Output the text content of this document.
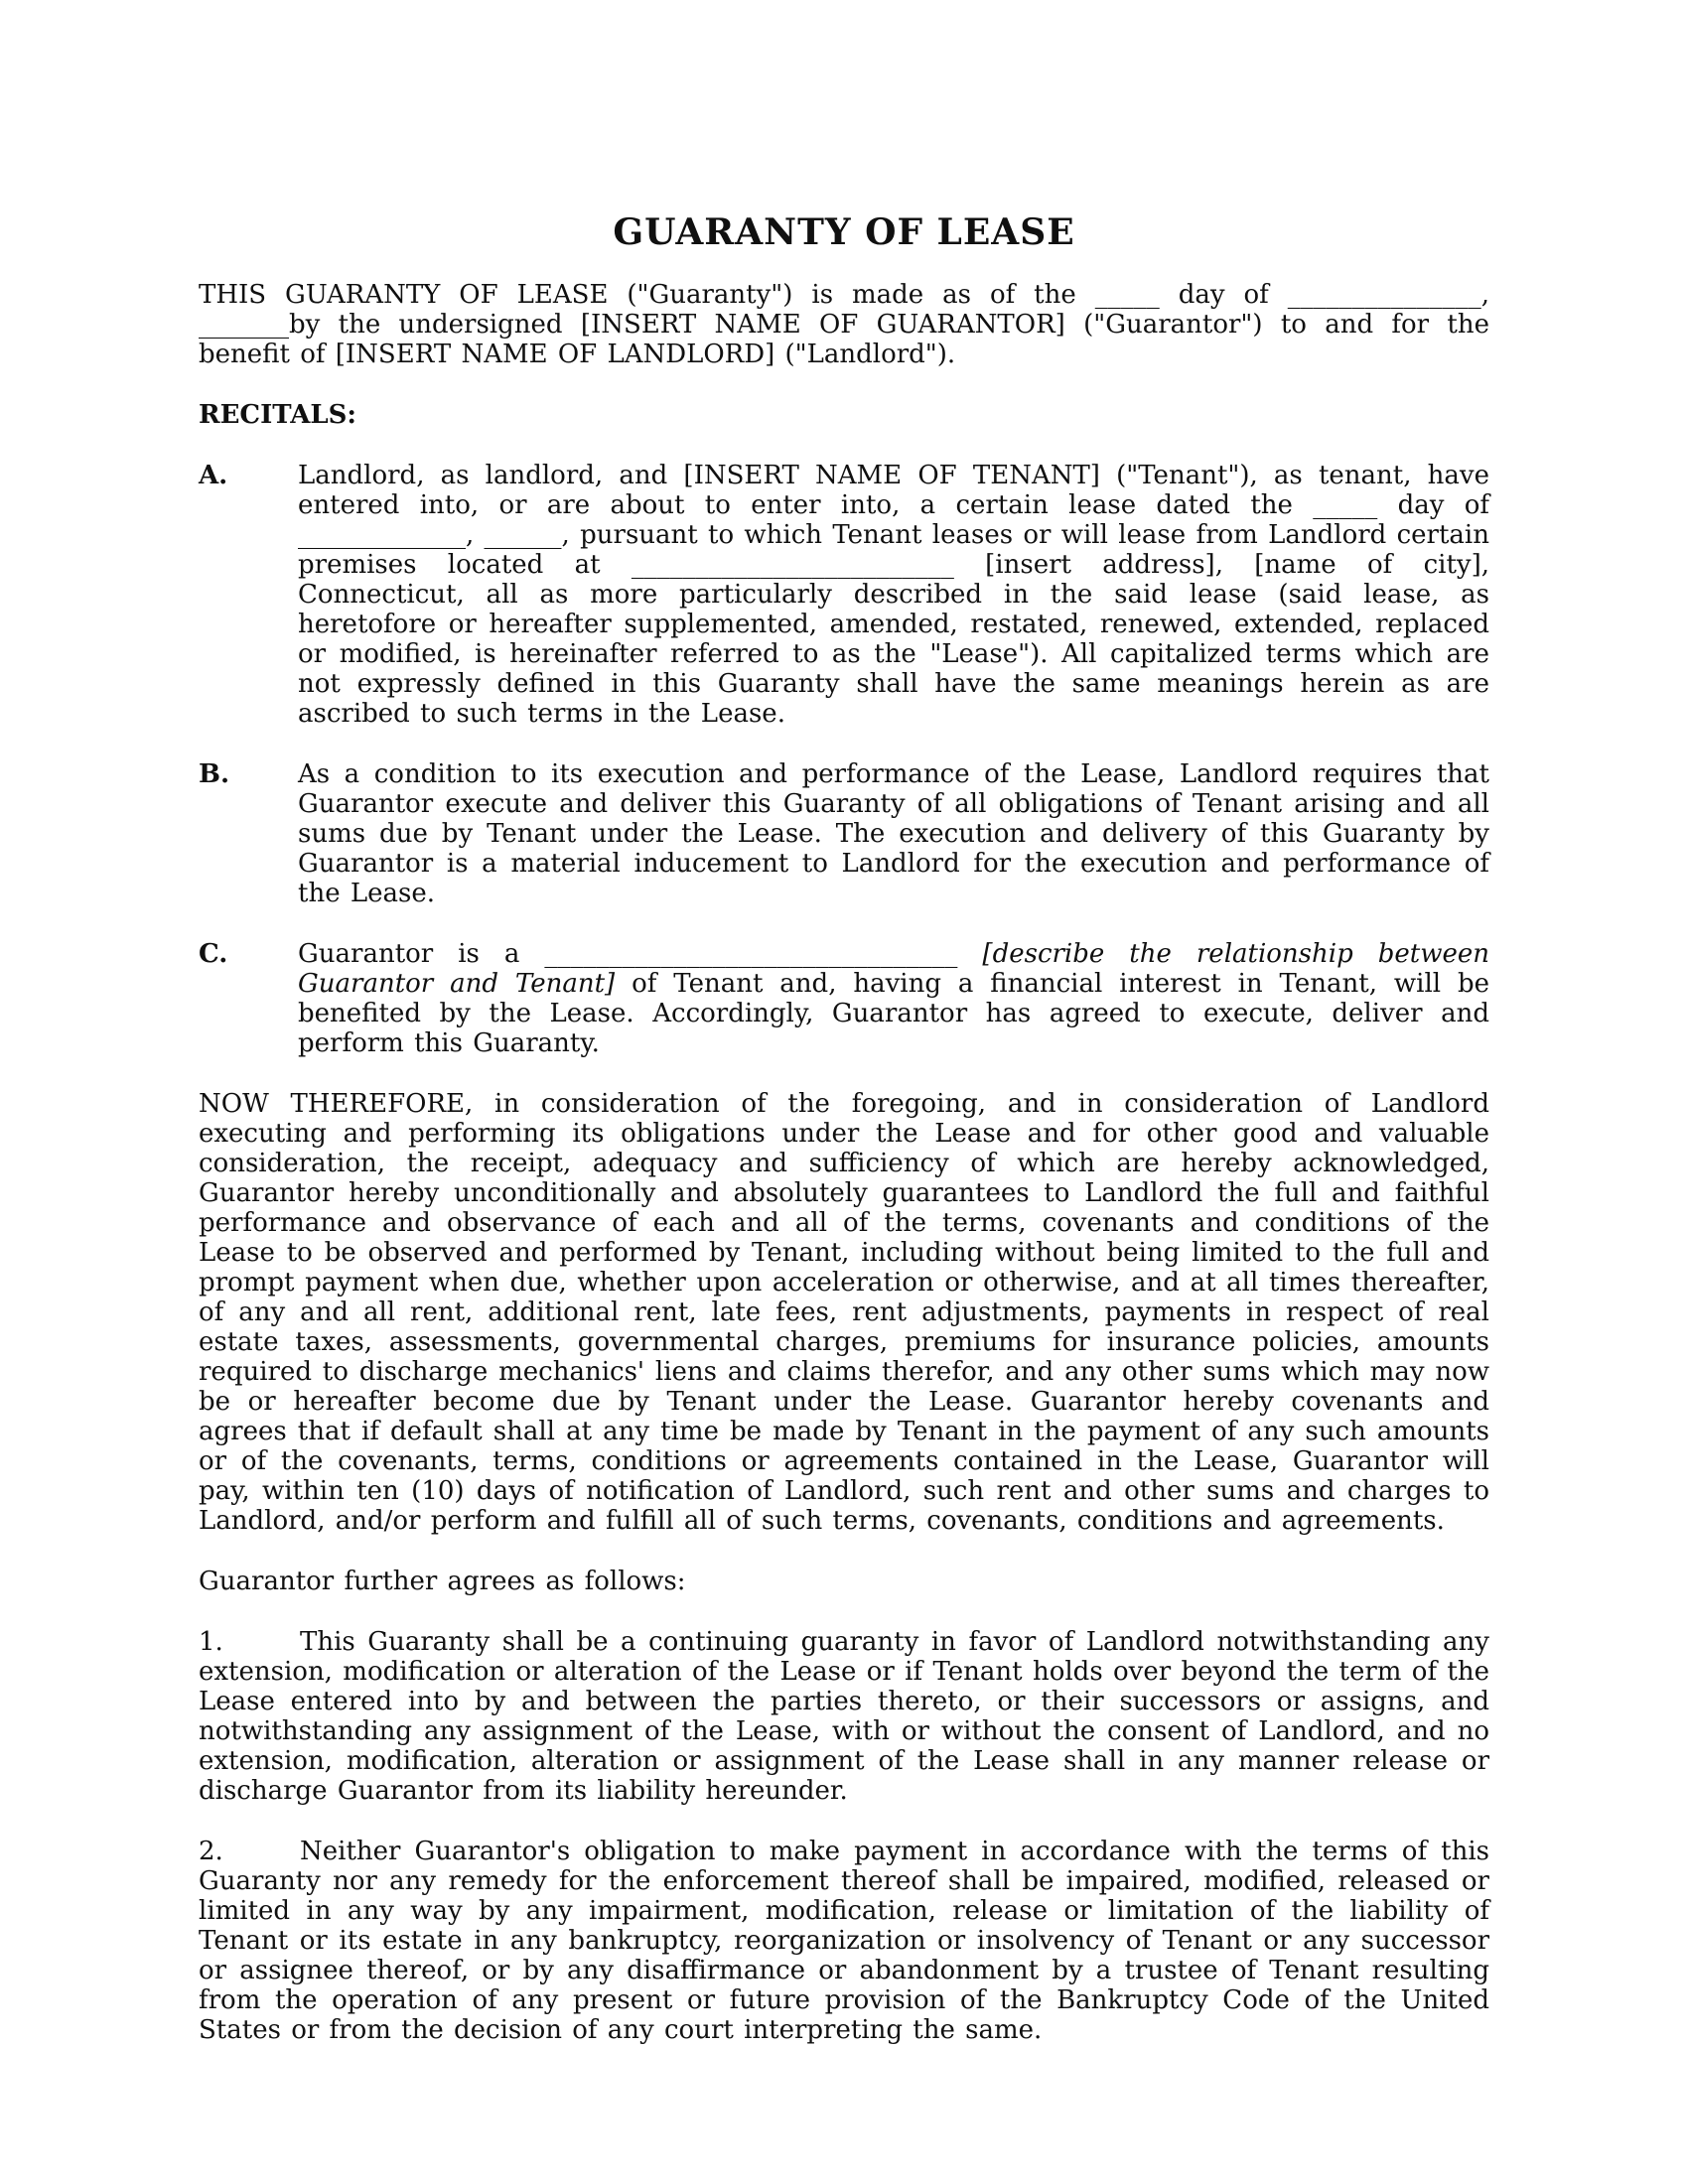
GUARANTY OF LEASE

THIS GUARANTY OF LEASE ("Guaranty") is made as of the _____ day of _______________, _______by the undersigned [INSERT NAME OF GUARANTOR] ("Guarantor") to and for the benefit of [INSERT NAME OF LANDLORD] ("Landlord").

RECITALS:

A.	Landlord, as landlord, and [INSERT NAME OF TENANT] ("Tenant"), as tenant, have entered into, or are about to enter into, a certain lease dated the _____ day of _____________, ______, pursuant to which Tenant leases or will lease from Landlord certain premises located at _________________________ [insert address], [name of city], Connecticut, all as more particularly described in the said lease (said lease, as heretofore or hereafter supplemented, amended, restated, renewed, extended, replaced or modified, is hereinafter referred to as the "Lease"). All capitalized terms which are not expressly defined in this Guaranty shall have the same meanings herein as are ascribed to such terms in the Lease.

B.	As a condition to its execution and performance of the Lease, Landlord requires that Guarantor execute and deliver this Guaranty of all obligations of Tenant arising and all sums due by Tenant under the Lease. The execution and delivery of this Guaranty by Guarantor is a material inducement to Landlord for the execution and performance of the Lease.

C.	Guarantor is a ________________________________ [describe the relationship between Guarantor and Tenant] of Tenant and, having a financial interest in Tenant, will be benefited by the Lease. Accordingly, Guarantor has agreed to execute, deliver and perform this Guaranty.

NOW THEREFORE, in consideration of the foregoing, and in consideration of Landlord executing and performing its obligations under the Lease and for other good and valuable consideration, the receipt, adequacy and sufficiency of which are hereby acknowledged, Guarantor hereby unconditionally and absolutely guarantees to Landlord the full and faithful performance and observance of each and all of the terms, covenants and conditions of the Lease to be observed and performed by Tenant, including without being limited to the full and prompt payment when due, whether upon acceleration or otherwise, and at all times thereafter, of any and all rent, additional rent, late fees, rent adjustments, payments in respect of real estate taxes, assessments, governmental charges, premiums for insurance policies, amounts required to discharge mechanics' liens and claims therefor, and any other sums which may now be or hereafter become due by Tenant under the Lease. Guarantor hereby covenants and agrees that if default shall at any time be made by Tenant in the payment of any such amounts or of the covenants, terms, conditions or agreements contained in the Lease, Guarantor will pay, within ten (10) days of notification of Landlord, such rent and other sums and charges to Landlord, and/or perform and fulfill all of such terms, covenants, conditions and agreements.

Guarantor further agrees as follows:

1.	This Guaranty shall be a continuing guaranty in favor of Landlord notwithstanding any extension, modification or alteration of the Lease or if Tenant holds over beyond the term of the Lease entered into by and between the parties thereto, or their successors or assigns, and notwithstanding any assignment of the Lease, with or without the consent of Landlord, and no extension, modification, alteration or assignment of the Lease shall in any manner release or discharge Guarantor from its liability hereunder.

2.	Neither Guarantor's obligation to make payment in accordance with the terms of this Guaranty nor any remedy for the enforcement thereof shall be impaired, modified, released or limited in any way by any impairment, modification, release or limitation of the liability of Tenant or its estate in any bankruptcy, reorganization or insolvency of Tenant or any successor or assignee thereof, or by any disaffirmance or abandonment by a trustee of Tenant resulting from the operation of any present or future provision of the Bankruptcy Code of the United States or from the decision of any court interpreting the same.
